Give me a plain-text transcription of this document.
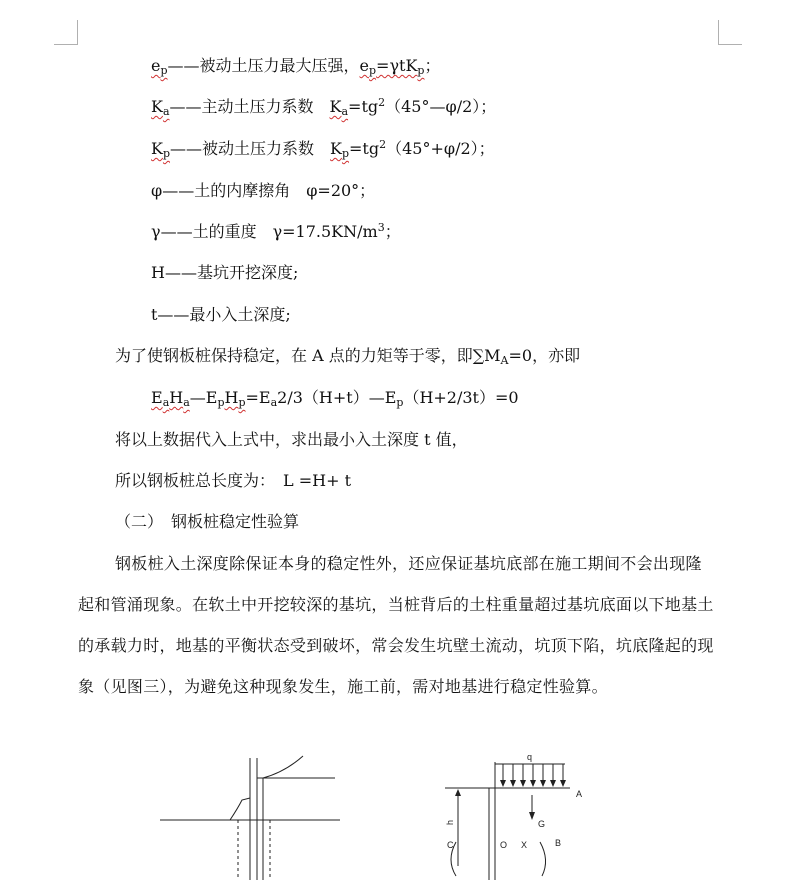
$e_p——$被动土压力最大压强，$e_p=\gamma tK_p$；
$K_a——$主动土压力系数　$K_a=tg^2(45^\circ—\varphi/2)$；
$K_p——$被动土压力系数　$K_p=tg^2(45^\circ+\varphi/2)$；
φ——土的内摩擦角　φ=20°；
γ——土的重度　$\gamma=17.5KN/m^3$；
H——基坑开挖深度;
t——最小入土深度;
为了使钢板桩保持稳定，在 A 点的力矩等于零，即$\sum M_A=0$，亦即
$E_aH_a—E_pH_p=E_a2/3(H+t)—E_p(H+2/3t)=0$
将以上数据代入上式中，求出最小入土深度 t 值，
所以钢板桩总长度为：　L =H+ t
（二）　钢板桩稳定性验算
钢板桩入土深度除保证本身的稳定性外，还应保证基坑底部在施工期间不会出现隆起和管涌现象。在软土中开挖较深的基坑，当桩背后的土柱重量超过基坑底面以下地基土的承载力时，地基的平衡状态受到破坏，常会发生坑壁土流动，坑顶下陷，坑底隆起的现象（见图三），为避免这种现象发生，施工前，需对地基进行稳定性验算。
q
A
h	G
C	O X	B
